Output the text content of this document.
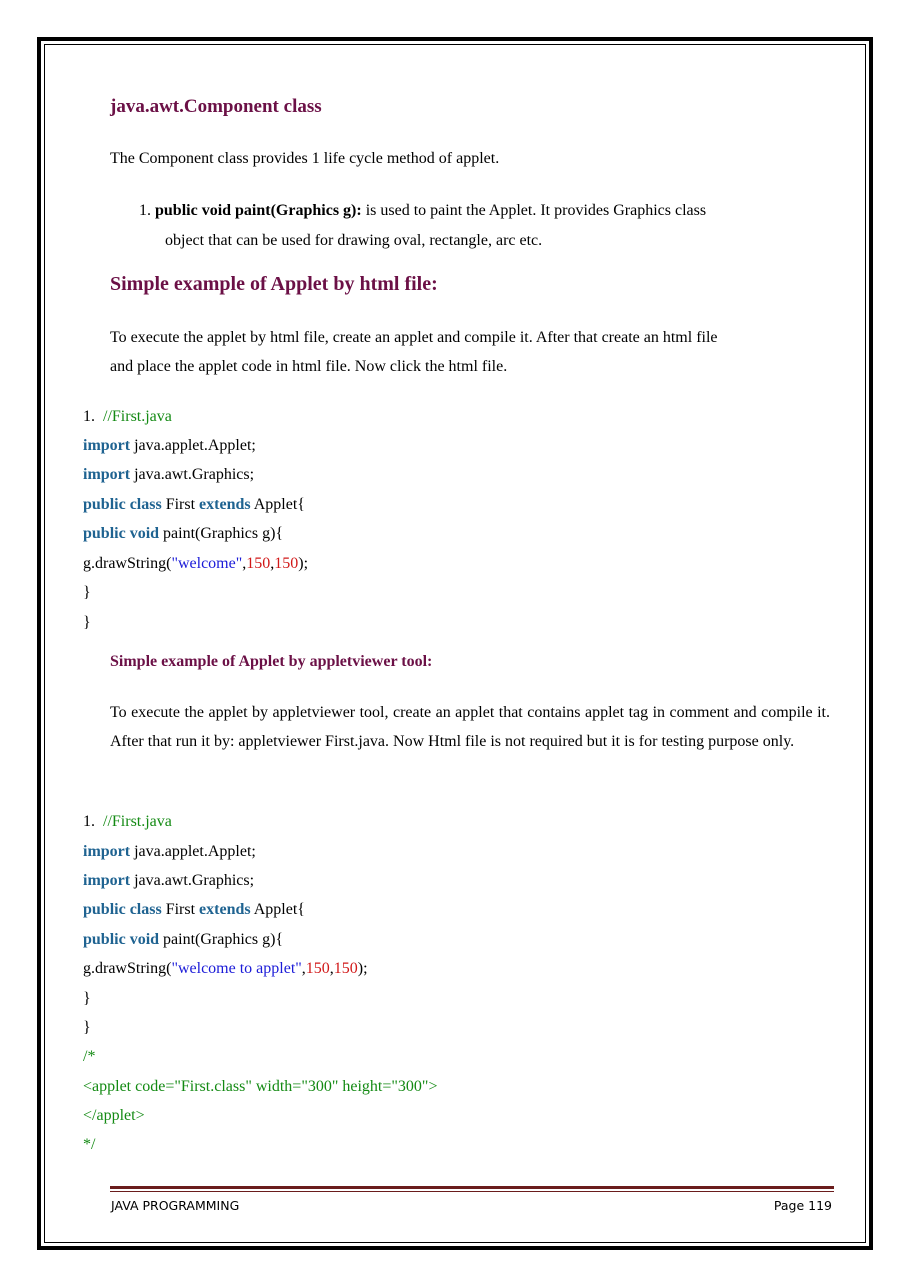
java.awt.Component class
The Component class provides 1 life cycle method of applet.
1. public void paint(Graphics g): is used to paint the Applet. It provides Graphics class
object that can be used for drawing oval, rectangle, arc etc.
Simple example of Applet by html file:
To execute the applet by html file, create an applet and compile it. After that create an html file
and place the applet code in html file. Now click the html file.
1. //First.java
import java.applet.Applet;
import java.awt.Graphics;
public class First extends Applet{
public void paint(Graphics g){
g.drawString("welcome",150,150);
}
}
Simple example of Applet by appletviewer tool:
To execute the applet by appletviewer tool, create an applet that contains applet tag in comment and compile it. After that run it by: appletviewer First.java. Now Html file is not required but it is for testing purpose only.
1. //First.java
import java.applet.Applet;
import java.awt.Graphics;
public class First extends Applet{
public void paint(Graphics g){
g.drawString("welcome to applet",150,150);
}
}
/*
<applet code="First.class" width="300" height="300">
</applet>
*/
JAVA PROGRAMMING	Page 119
